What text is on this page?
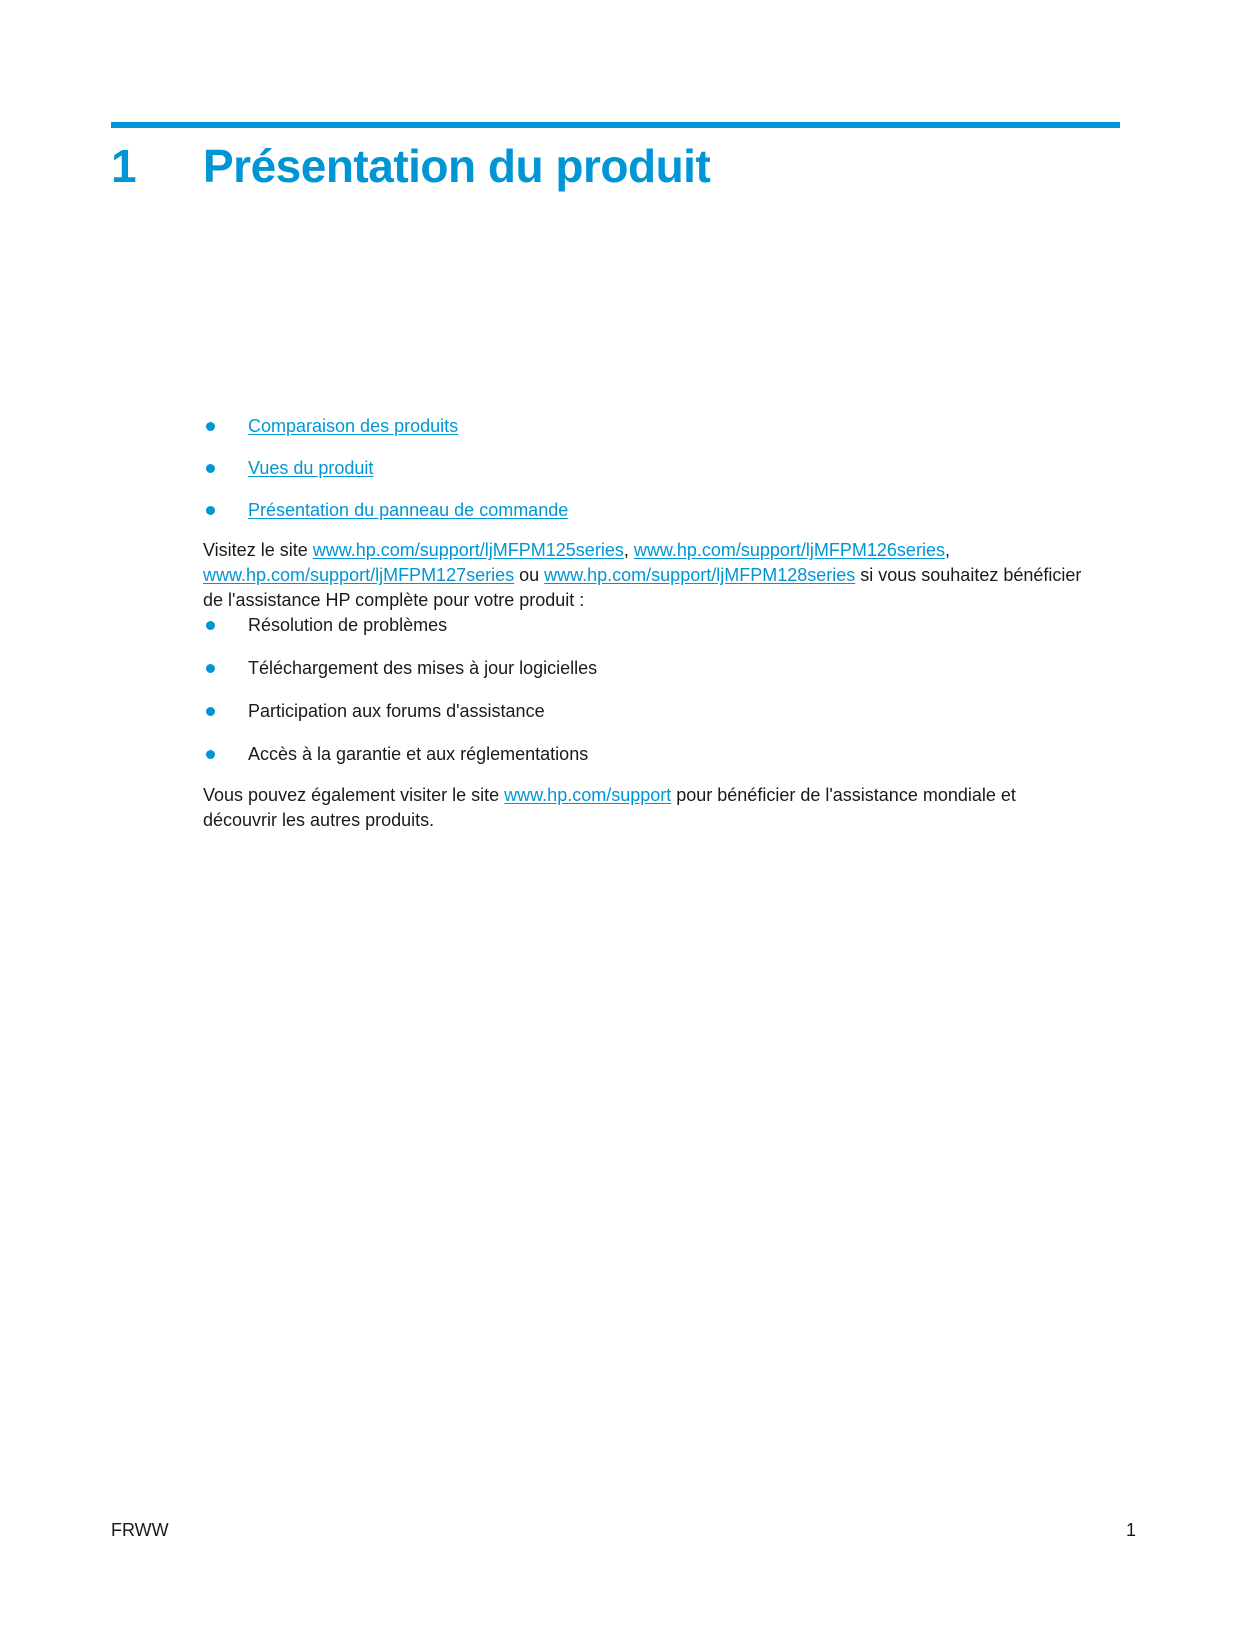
1 Présentation du produit
Comparaison des produits
Vues du produit
Présentation du panneau de commande

Visitez le site www.hp.com/support/ljMFPM125series, www.hp.com/support/ljMFPM126series, www.hp.com/support/ljMFPM127series ou www.hp.com/support/ljMFPM128series si vous souhaitez bénéficier de l'assistance HP complète pour votre produit :

Résolution de problèmes
Téléchargement des mises à jour logicielles
Participation aux forums d'assistance
Accès à la garantie et aux réglementations

Vous pouvez également visiter le site www.hp.com/support pour bénéficier de l'assistance mondiale et découvrir les autres produits.

FRWW	1
